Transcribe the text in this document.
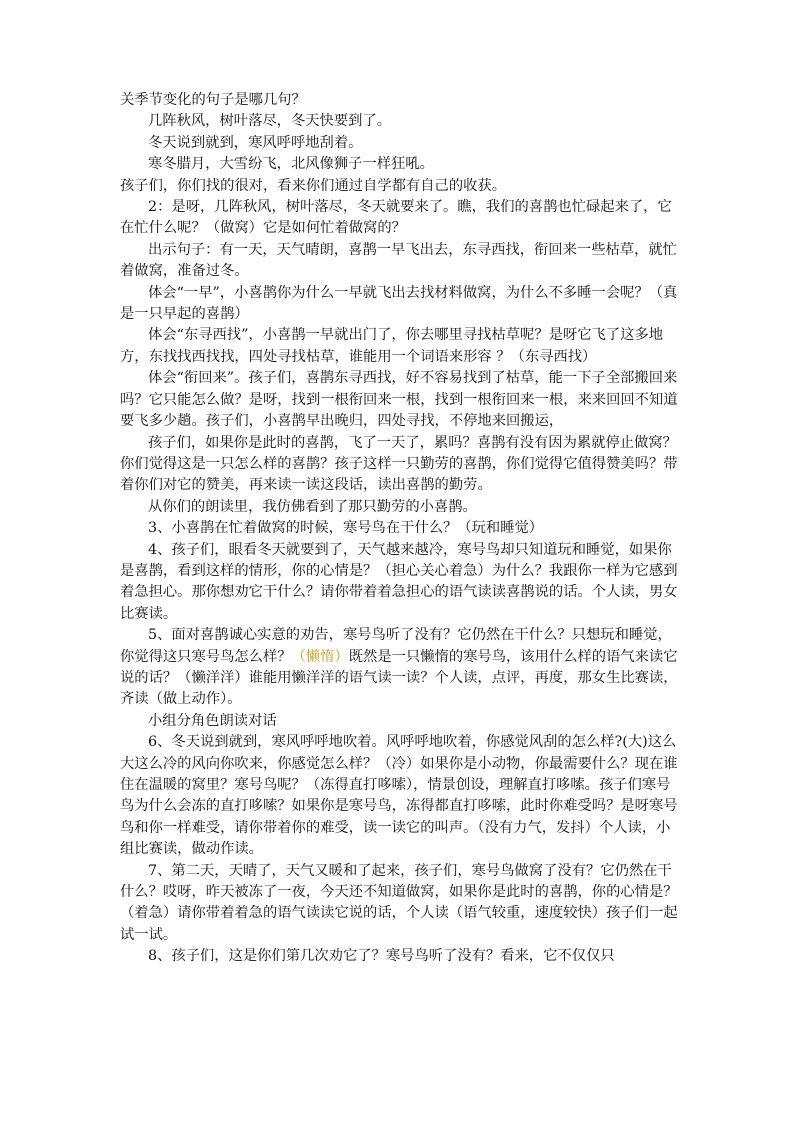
关季节变化的句子是哪几句？

几阵秋风，树叶落尽，冬天快要到了。

冬天说到就到，寒风呼呼地刮着。

寒冬腊月，大雪纷飞，北风像狮子一样狂吼。

孩子们，你们找的很对，看来你们通过自学都有自己的收获。

2：是呀，几阵秋风，树叶落尽，冬天就要来了。瞧，我们的喜鹊也忙碌起来了，它在忙什么呢？（做窝）它是如何忙着做窝的？

出示句子：有一天，天气晴朗，喜鹊一早飞出去，东寻西找，衔回来一些枯草，就忙着做窝，准备过冬。

体会“一早”，小喜鹊你为什么一早就飞出去找材料做窝，为什么不多睡一会呢？（真是一只早起的喜鹊）

体会“东寻西找”，小喜鹊一早就出门了，你去哪里寻找枯草呢？是呀它飞了这多地方，东找找西找找，四处寻找枯草，谁能用一个词语来形容 ？（东寻西找）

体会“衔回来”。孩子们，喜鹊东寻西找，好不容易找到了枯草，能一下子全部搬回来吗？它只能怎么做？是呀，找到一根衔回来一根，找到一根衔回来一根，来来回回不知道要飞多少趟。孩子们，小喜鹊早出晚归，四处寻找，不停地来回搬运，

孩子们，如果你是此时的喜鹊，飞了一天了，累吗？喜鹊有没有因为累就停止做窝？你们觉得这是一只怎么样的喜鹊？孩子这样一只勤劳的喜鹊，你们觉得它值得赞美吗？带着你们对它的赞美，再来读一读这段话，读出喜鹊的勤劳。

从你们的朗读里，我仿佛看到了那只勤劳的小喜鹊。

3、小喜鹊在忙着做窝的时候，寒号鸟在干什么？（玩和睡觉）

4、孩子们，眼看冬天就要到了，天气越来越冷，寒号鸟却只知道玩和睡觉，如果你是喜鹊，看到这样的情形，你的心情是？（担心关心着急）为什么？我跟你一样为它感到着急担心。那你想劝它干什么？请你带着着急担心的语气读读喜鹊说的话。个人读，男女比赛读。

5、面对喜鹊诚心实意的劝告，寒号鸟听了没有？它仍然在干什么？只想玩和睡觉，你觉得这只寒号鸟怎么样？（懒惰）既然是一只懒惰的寒号鸟，该用什么样的语气来读它说的话？（懒洋洋）谁能用懒洋洋的语气读一读？个人读，点评，再度，那女生比赛读，齐读（做上动作）。

小组分角色朗读对话

6、冬天说到就到，寒风呼呼地吹着。风呼呼地吹着，你感觉风刮的怎么样?(大)这么大这么冷的风向你吹来，你感觉怎么样？（冷）如果你是小动物，你最需要什么？现在谁住在温暖的窝里？寒号鸟呢？（冻得直打哆嗦），情景创设，理解直打哆嗦。孩子们寒号鸟为什么会冻的直打哆嗦？如果你是寒号鸟，冻得都直打哆嗦，此时你难受吗？是呀寒号鸟和你一样难受，请你带着你的难受，读一读它的叫声。（没有力气，发抖）个人读，小组比赛读，做动作读。

7、第二天，天晴了，天气又暖和了起来，孩子们，寒号鸟做窝了没有？它仍然在干什么？哎呀，昨天被冻了一夜，今天还不知道做窝，如果你是此时的喜鹊，你的心情是？（着急）请你带着着急的语气读读它说的话，个人读（语气较重，速度较快）孩子们一起试一试。

8、孩子们，这是你们第几次劝它了？寒号鸟听了没有？看来，它不仅仅只
